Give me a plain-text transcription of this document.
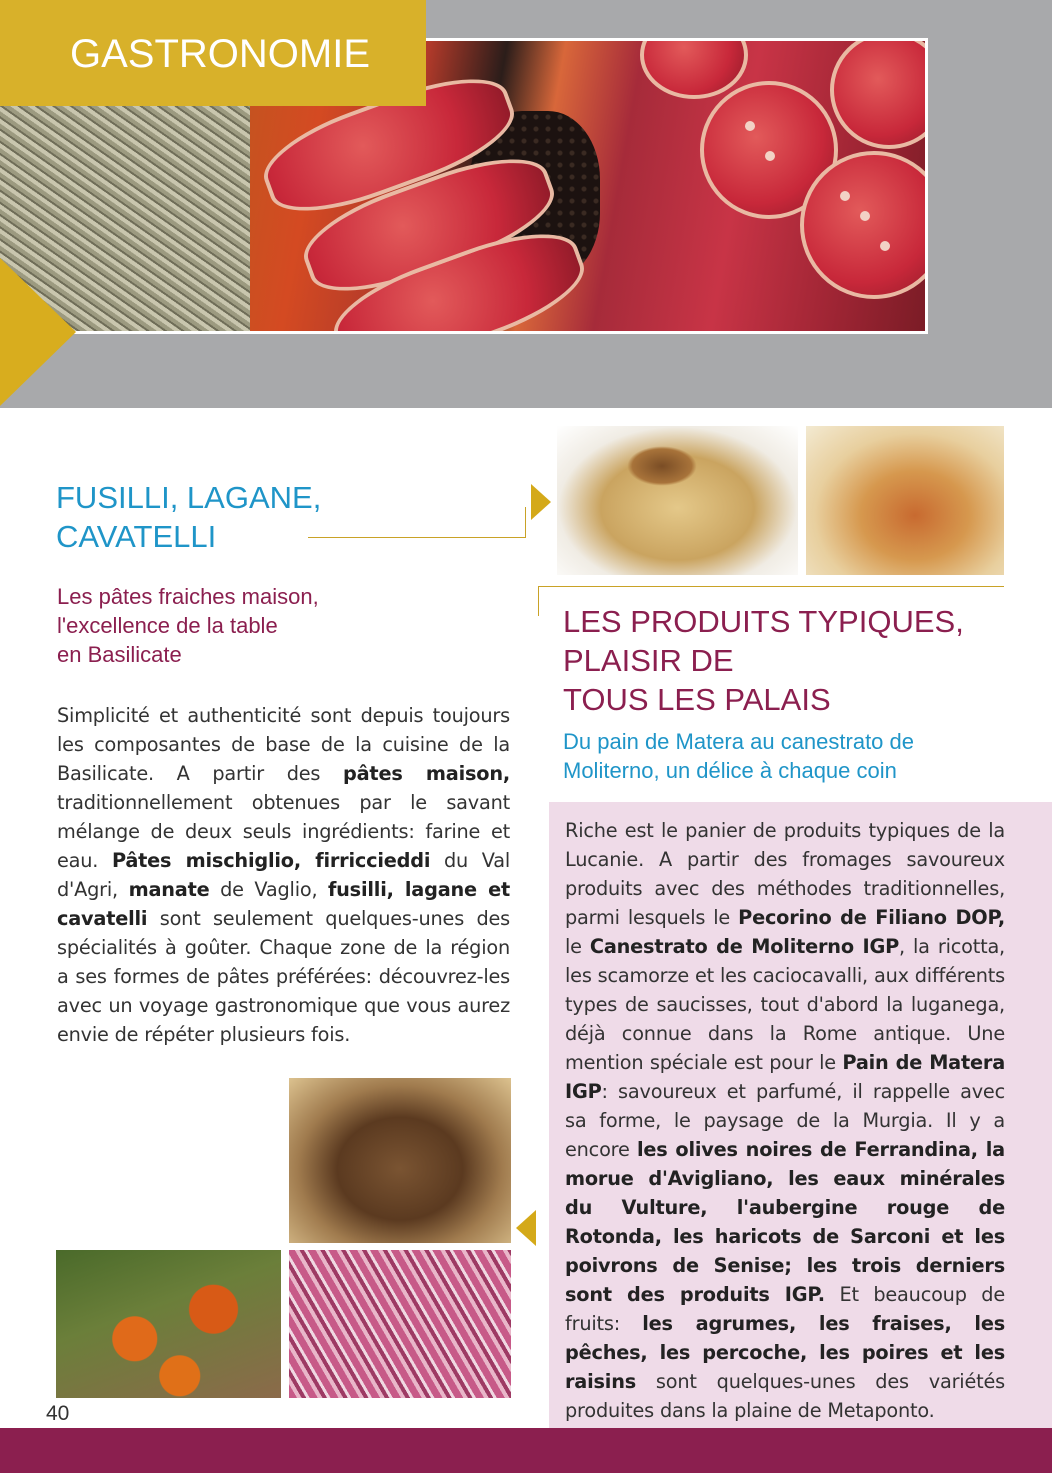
GASTRONOMIE
FUSILLI, LAGANE, CAVATELLI
Les pâtes fraiches maison,
l'excellence de la table
en Basilicate
Simplicité et authenticité sont depuis toujours les composantes de base de la cuisine de la Basilicate. A partir des pâtes maison, traditionnellement obtenues par le savant mélange de deux seuls ingrédients: farine et eau. Pâtes mischiglio, firriccieddi du Val d'Agri, manate de Vaglio, fusilli, lagane et cavatelli sont seulement quelques-unes des spécialités à goûter. Chaque zone de la région a ses formes de pâtes préférées: découvrez-les avec un voyage gastronomique que vous aurez envie de répéter plusieurs fois.
LES PRODUITS TYPIQUES,
PLAISIR DE
TOUS LES PALAIS
Du pain de Matera au canestrato de
Moliterno, un délice à chaque coin
Riche est le panier de produits typiques de la Lucanie. A partir des fromages savoureux produits avec des méthodes traditionnelles, parmi lesquels le Pecorino de Filiano DOP, le Canestrato de Moliterno IGP, la ricotta, les scamorze et les caciocavalli, aux différents types de saucisses, tout d'abord la luganega, déjà connue dans la Rome antique. Une mention spéciale est pour le Pain de Matera IGP: savoureux et parfumé, il rappelle avec sa forme, le paysage de la Murgia. Il y a encore les olives noires de Ferrandina, la morue d'Avigliano, les eaux minérales du Vulture, l'aubergine rouge de Rotonda, les haricots de Sarconi et les poivrons de Senise; les trois derniers sont des produits IGP. Et beaucoup de fruits: les agrumes, les fraises, les pêches, les percoche, les poires et les raisins sont quelques-unes des variétés produites dans la plaine de Metaponto.
40
